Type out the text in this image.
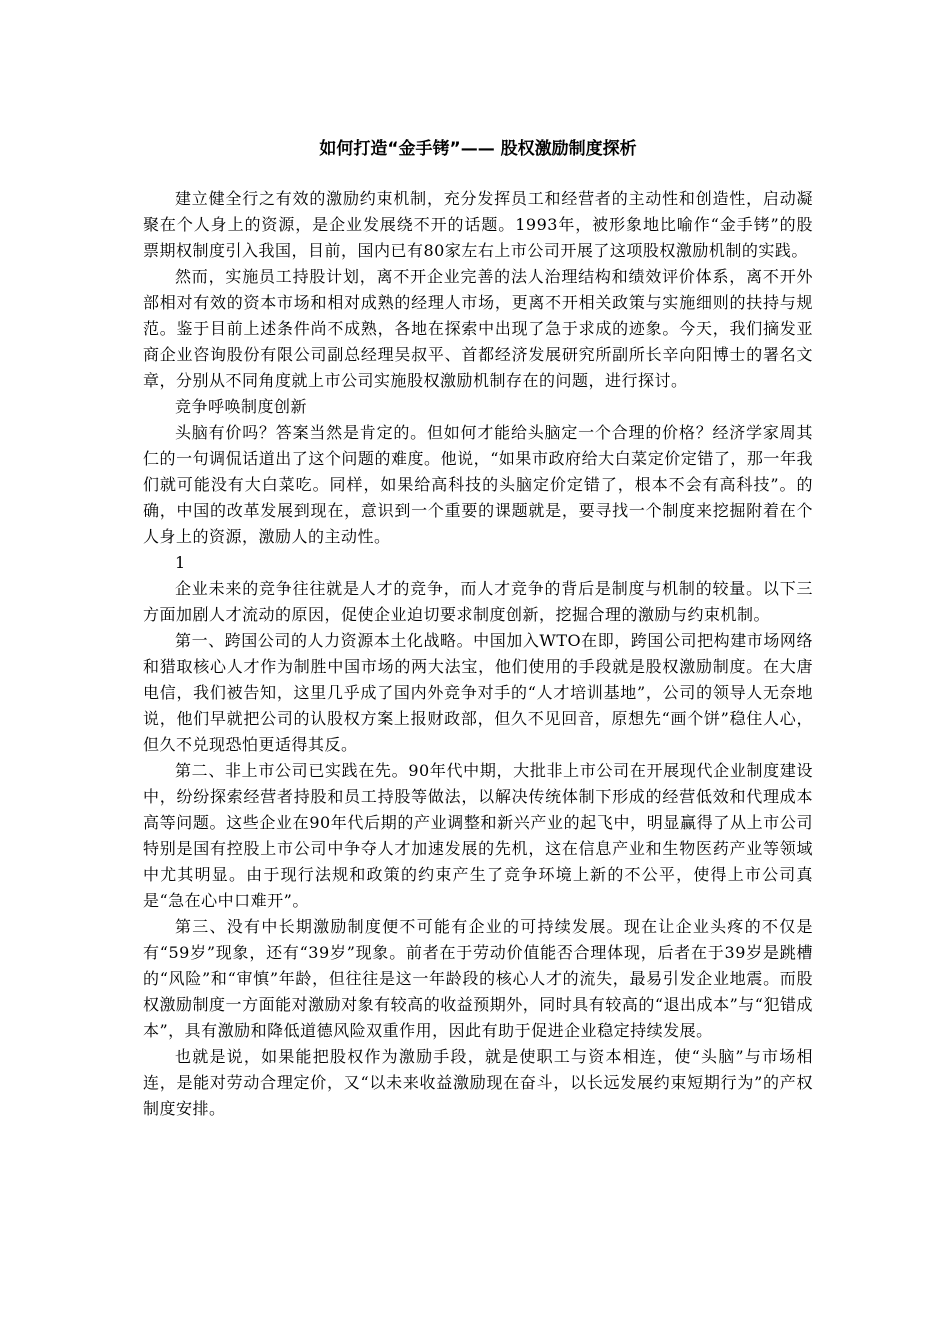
如何打造“金手铐”—— 股权激励制度探析

建立健全行之有效的激励约束机制，充分发挥员工和经营者的主动性和创造性，启动凝聚在个人身上的资源，是企业发展绕不开的话题。1993年，被形象地比喻作“金手铐”的股票期权制度引入我国，目前，国内已有80家左右上市公司开展了这项股权激励机制的实践。

然而，实施员工持股计划，离不开企业完善的法人治理结构和绩效评价体系，离不开外部相对有效的资本市场和相对成熟的经理人市场，更离不开相关政策与实施细则的扶持与规范。鉴于目前上述条件尚不成熟，各地在探索中出现了急于求成的迹象。今天，我们摘发亚商企业咨询股份有限公司副总经理吴叔平、首都经济发展研究所副所长辛向阳博士的署名文章，分别从不同角度就上市公司实施股权激励机制存在的问题，进行探讨。

竞争呼唤制度创新

头脑有价吗？答案当然是肯定的。但如何才能给头脑定一个合理的价格？经济学家周其仁的一句调侃话道出了这个问题的难度。他说，“如果市政府给大白菜定价定错了，那一年我们就可能没有大白菜吃。同样，如果给高科技的头脑定价定错了，根本不会有高科技”。的确，中国的改革发展到现在，意识到一个重要的课题就是，要寻找一个制度来挖掘附着在个人身上的资源，激励人的主动性。

1

企业未来的竞争往往就是人才的竞争，而人才竞争的背后是制度与机制的较量。以下三方面加剧人才流动的原因，促使企业迫切要求制度创新，挖掘合理的激励与约束机制。

第一、跨国公司的人力资源本土化战略。中国加入WTO在即，跨国公司把构建市场网络和猎取核心人才作为制胜中国市场的两大法宝，他们使用的手段就是股权激励制度。在大唐电信，我们被告知，这里几乎成了国内外竞争对手的“人才培训基地”，公司的领导人无奈地说，他们早就把公司的认股权方案上报财政部，但久不见回音，原想先“画个饼”稳住人心，但久不兑现恐怕更适得其反。

第二、非上市公司已实践在先。90年代中期，大批非上市公司在开展现代企业制度建设中，纷纷探索经营者持股和员工持股等做法，以解决传统体制下形成的经营低效和代理成本高等问题。这些企业在90年代后期的产业调整和新兴产业的起飞中，明显赢得了从上市公司特别是国有控股上市公司中争夺人才加速发展的先机，这在信息产业和生物医药产业等领域中尤其明显。由于现行法规和政策的约束产生了竞争环境上新的不公平，使得上市公司真是“急在心中口难开”。

第三、没有中长期激励制度便不可能有企业的可持续发展。现在让企业头疼的不仅是有“59岁”现象，还有“39岁”现象。前者在于劳动价值能否合理体现，后者在于39岁是跳槽的“风险”和“审慎”年龄，但往往是这一年龄段的核心人才的流失，最易引发企业地震。而股权激励制度一方面能对激励对象有较高的收益预期外，同时具有较高的“退出成本”与“犯错成本”，具有激励和降低道德风险双重作用，因此有助于促进企业稳定持续发展。

也就是说，如果能把股权作为激励手段，就是使职工与资本相连，使“头脑”与市场相连，是能对劳动合理定价，又“以未来收益激励现在奋斗，以长远发展约束短期行为”的产权制度安排。
